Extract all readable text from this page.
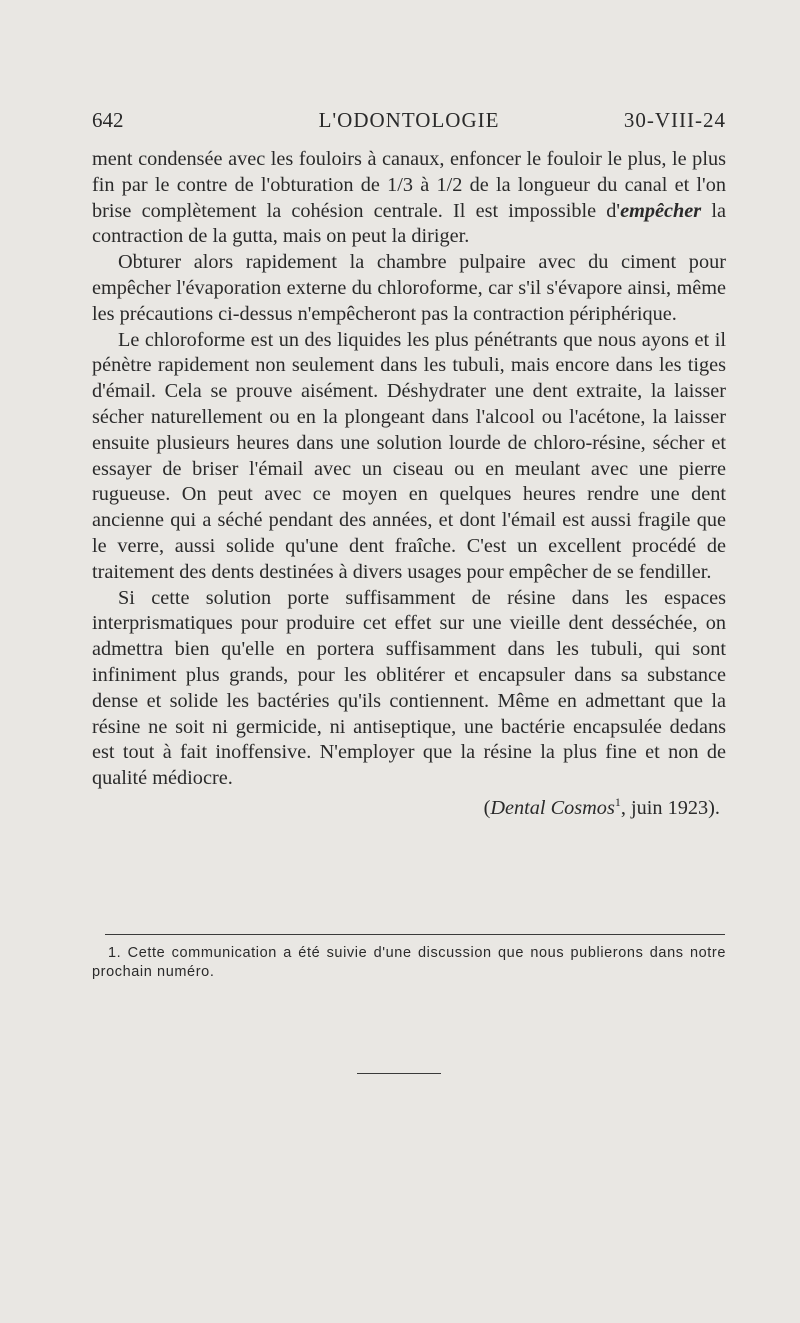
642	L'ODONTOLOGIE	30-VIII-24

ment condensée avec les fouloirs à canaux, enfoncer le fouloir le plus, le plus fin par le contre de l'obturation de 1/3 à 1/2 de la longueur du canal et l'on brise complètement la cohésion centrale. Il est impossible d'empêcher la contraction de la gutta, mais on peut la diriger.

Obturer alors rapidement la chambre pulpaire avec du ciment pour empêcher l'évaporation externe du chloroforme, car s'il s'évapore ainsi, même les précautions ci-dessus n'empêcheront pas la contraction périphérique.

Le chloroforme est un des liquides les plus pénétrants que nous ayons et il pénètre rapidement non seulement dans les tubuli, mais encore dans les tiges d'émail. Cela se prouve aisément. Déshydrater une dent extraite, la laisser sécher naturellement ou en la plongeant dans l'alcool ou l'acétone, la laisser ensuite plusieurs heures dans une solution lourde de chloro-résine, sécher et essayer de briser l'émail avec un ciseau ou en meulant avec une pierre rugueuse. On peut avec ce moyen en quelques heures rendre une dent ancienne qui a séché pendant des années, et dont l'émail est aussi fragile que le verre, aussi solide qu'une dent fraîche. C'est un excellent procédé de traitement des dents destinées à divers usages pour empêcher de se fendiller.

Si cette solution porte suffisamment de résine dans les espaces interprismatiques pour produire cet effet sur une vieille dent desséchée, on admettra bien qu'elle en portera suffisamment dans les tubuli, qui sont infiniment plus grands, pour les oblitérer et encapsuler dans sa substance dense et solide les bactéries qu'ils contiennent. Même en admettant que la résine ne soit ni germicide, ni antiseptique, une bactérie encapsulée dedans est tout à fait inoffensive. N'employer que la résine la plus fine et non de qualité médiocre.

(Dental Cosmos$^1$, juin 1923).
1. Cette communication a été suivie d'une discussion que nous publierons dans notre prochain numéro.
